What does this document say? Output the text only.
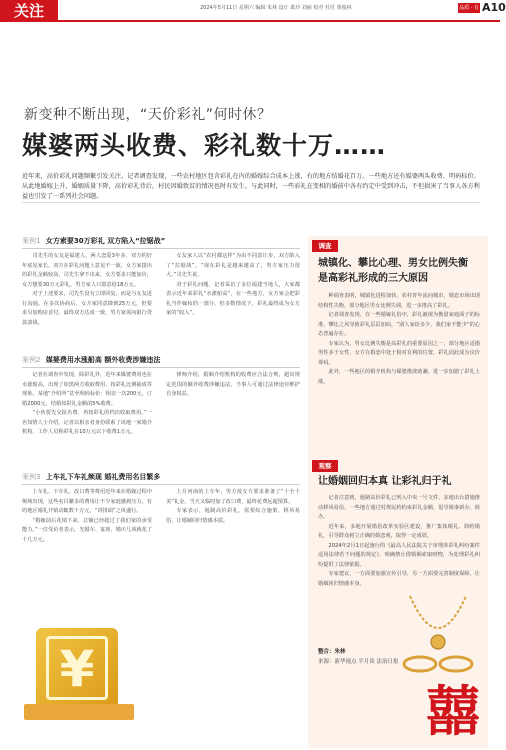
关注	2024年5月11日 星期六 编辑 朱林 设计 葛玲 刘丽 校对 杜付 黄俊林	品质 · 有温度
A10
新变种不断出现，“天价彩礼”何时休？
媒婆两头收费、彩礼数十万……
近年来，高价彩礼问题频繁引发关注。记者调查发现，一些农村地区包含彩礼在内的婚嫁综合成本上涨，有的地方结婚花百万。一些地方还有媒婆两头收费、明码标价。从此地婚嫁上升，婚姻质量下降，高价彩礼背后，村民因婚致贫的情况也时有发生。与此同时，一些彩礼在变相的婚前中各有约定中受到冲击，不但损害了当事人各方利益也引发了一系列社会问题。
案例1 女方索要30万彩礼 双方陷入“拉锯战”

司先生的女友是福建人，两人恋爱3年多，双方约好年底见家长。双方在彩礼问题上意见不一致，女方家提出的彩礼金额较高，司先生拿不出来，女方要求只能加价，女方想要30万元彩礼，男方家人只愿意给18万元。

对于上述要求，司先生没有立即回复，而是与女友进行沟通。在多次协商后，女方家同意降到25万元，但要求另加购房首付。最终双方达成一致，男方家需向银行贷款凑钱。

女友家人以“农村都这样”为由不同意让步，双方陷入了“拉锯战”。“现在彩礼是越来越高了，男方家压力很大。”司先生说。

对于彩礼问题，记者采访了多位福建当地人，大家都表示近年来彩礼“水涨船高”，在一些地方，女方家会把彩礼当作嫁妆的一部分，但多数情况下，彩礼最终成为女方家的“收入”。

案例2 媒婆费用水涨船高 额外收费涉嫌违法

记者在调查中发现，除彩礼外，近年来媒婆费用也在水涨船高，出现了如黑两方收取费用、按彩礼比例抽成等现象。某地“介绍所”甚至明码标价：相亲一次200元，订婚2000元，结婚按彩礼金额的5%收费。

“小伙要先交报名费，再按彩礼的档次收取费用。”一名知情人士介绍。记者以相亲者身份联系了该地一家婚介机构，工作人员称彩礼在10万元以下收费1万元。

律师介绍，婚姻介绍机构的收费应合法合规，超出规定范围的额外收费涉嫌违法，当事人可通过法律途径维护自身权益。

案例3 上车礼下车礼频现 婚礼费用名目繁多

上车礼、下车礼、改口费等费用近年来在婚嫁过程中频频出现，这些名目繁多的费用让不少家庭感到压力。有的地区婚礼开销动辄数十万元，“讲排面”之风盛行。

“婚嫁前后花销下来，总额已经超过了我们家的承受能力。”一位受访者表示，光婚车、宴席、婚庆几项就花了十几万元。

上月河南的上车年，男方按女方要求准备了“十全十美”礼金，当天又临时加了改口费，最终花费远超预算。

专家表示，遏制高价彩礼，需要综合施策，移风易俗，让婚姻回归情感本质。

¥
调查
城镇化、攀比心理、男女比例失衡是高彩礼形成的三大原因

种调查表明，城镇化进程加快，农村青年流向城市，婚恋市场出现结构性失衡，部分地区男女比例失调，进一步推高了彩礼。

记者调查发现，在一些婚嫁礼俗中，彩礼被视为衡量家庭面子的标准，攀比之风导致彩礼层层加码，“别人家给多少，我们家不能少”的心态普遍存在。

专家认为，男女比例失衡是高彩礼的重要原因之一，部分地区适婚男性多于女性，女方在婚恋中处于相对有利的位置，彩礼因此成为议价筹码。

此外，一些地区的婚介机构与媒婆推波助澜，进一步加剧了彩礼上涨。

观察
让婚姻回归本真 让彩礼归于礼

记者注意到，遏制高价彩礼已列入中央一号文件，多地出台措施推动移风易俗，一些地方通过村规民约约束彩礼金额，倡导婚事新办、简办。

近年来，多地开展婚俗改革实验区建设，推广集体婚礼、简约婚礼，引导群众树立正确的婚恋观，取得一定成效。

2024年2月1日起施行的《最高人民法院关于审理涉彩礼纠纷案件适用法律若干问题的规定》，明确禁止借婚姻索取财物，为处理彩礼纠纷提供了法律依据。

专家建议，一方面要加强宣传引导，另一方面要完善制度保障，让婚姻回归情感本身。

整合：朱林
来源：新华视点 半月谈 法治日报
囍
